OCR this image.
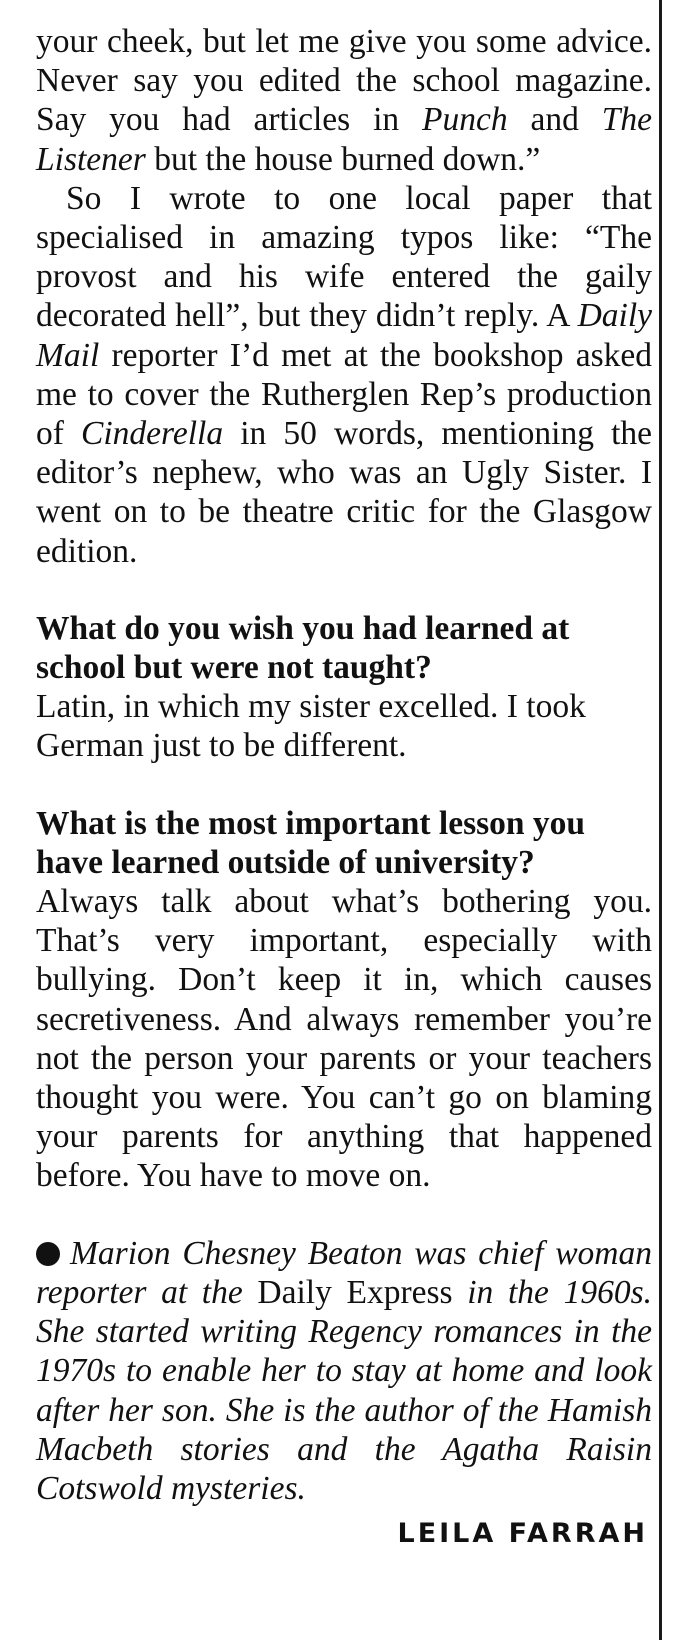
your cheek, but let me give you some advice. Never say you edited the school magazine. Say you had articles in Punch and The Listener but the house burned down.”

So I wrote to one local paper that specialised in amazing typos like: “The provost and his wife entered the gaily decorated hell”, but they didn’t reply. A Daily Mail reporter I’d met at the bookshop asked me to cover the Rutherglen Rep’s production of Cinderella in 50 words, mentioning the editor’s nephew, who was an Ugly Sister. I went on to be theatre critic for the Glasgow edition.

What do you wish you had learned at school but were not taught?

Latin, in which my sister excelled. I took German just to be different.

What is the most important lesson you have learned outside of university?

Always talk about what’s bothering you. That’s very important, especially with bullying. Don’t keep it in, which causes secretiveness. And always remember you’re not the person your parents or your teachers thought you were. You can’t go on blaming your parents for anything that happened before. You have to move on.

Marion Chesney Beaton was chief woman reporter at the Daily Express in the 1960s. She started writing Regency romances in the 1970s to enable her to stay at home and look after her son. She is the author of the Hamish Macbeth stories and the Agatha Raisin Cotswold mysteries.

LEILA FARRAH
